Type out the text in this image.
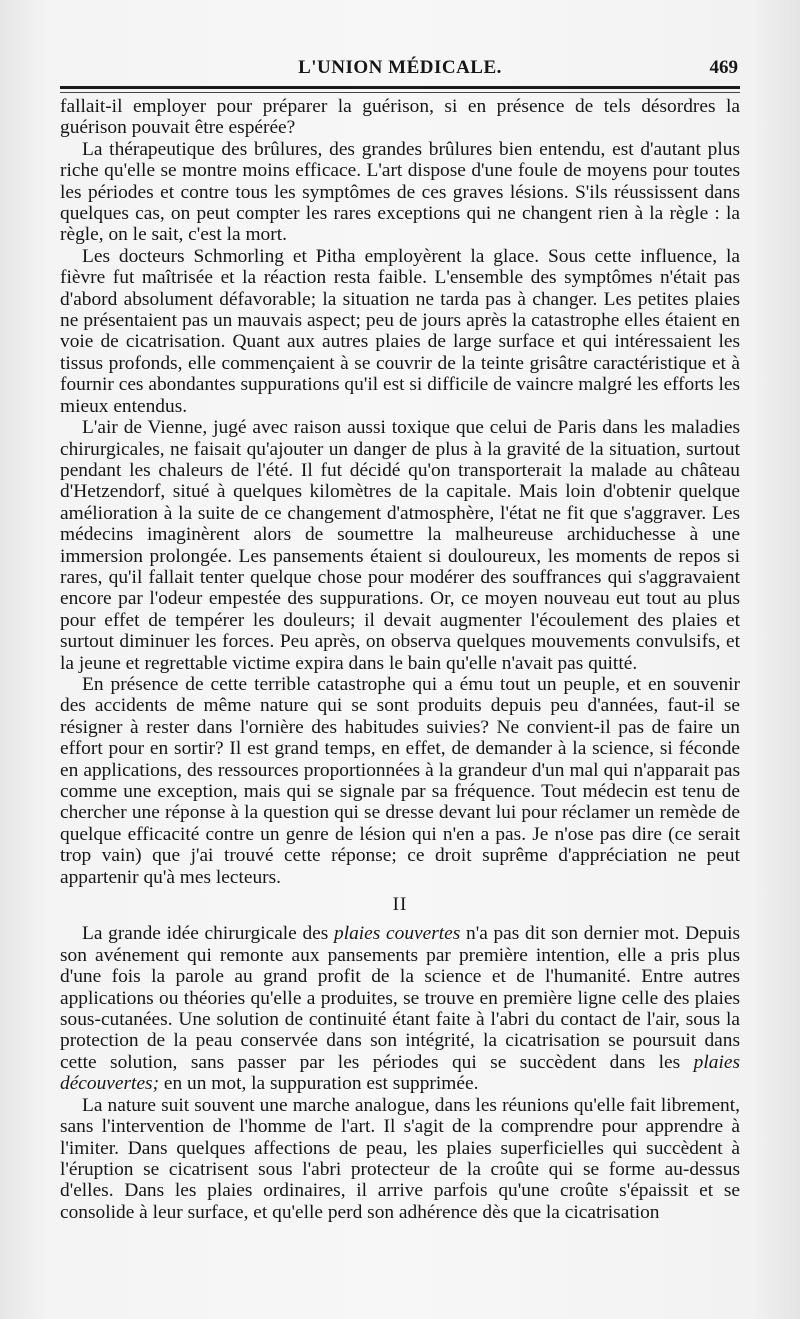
L'UNION MÉDICALE.	469

fallait-il employer pour préparer la guérison, si en présence de tels désordres la guérison pouvait être espérée?

La thérapeutique des brûlures, des grandes brûlures bien entendu, est d'autant plus riche qu'elle se montre moins efficace. L'art dispose d'une foule de moyens pour toutes les périodes et contre tous les symptômes de ces graves lésions. S'ils réussissent dans quelques cas, on peut compter les rares exceptions qui ne changent rien à la règle : la règle, on le sait, c'est la mort.

Les docteurs Schmorling et Pitha employèrent la glace. Sous cette influence, la fièvre fut maîtrisée et la réaction resta faible. L'ensemble des symptômes n'était pas d'abord absolument défavorable; la situation ne tarda pas à changer. Les petites plaies ne présentaient pas un mauvais aspect; peu de jours après la catastrophe elles étaient en voie de cicatrisation. Quant aux autres plaies de large surface et qui intéressaient les tissus profonds, elle commençaient à se couvrir de la teinte grisâtre caractéristique et à fournir ces abondantes suppurations qu'il est si difficile de vaincre malgré les efforts les mieux entendus.

L'air de Vienne, jugé avec raison aussi toxique que celui de Paris dans les maladies chirurgicales, ne faisait qu'ajouter un danger de plus à la gravité de la situation, surtout pendant les chaleurs de l'été. Il fut décidé qu'on transporterait la malade au château d'Hetzendorf, situé à quelques kilomètres de la capitale. Mais loin d'obtenir quelque amélioration à la suite de ce changement d'atmosphère, l'état ne fit que s'aggraver. Les médecins imaginèrent alors de soumettre la malheureuse archiduchesse à une immersion prolongée. Les pansements étaient si douloureux, les moments de repos si rares, qu'il fallait tenter quelque chose pour modérer des souffrances qui s'aggravaient encore par l'odeur empestée des suppurations. Or, ce moyen nouveau eut tout au plus pour effet de tempérer les douleurs; il devait augmenter l'écoulement des plaies et surtout diminuer les forces. Peu après, on observa quelques mouvements convulsifs, et la jeune et regrettable victime expira dans le bain qu'elle n'avait pas quitté.

En présence de cette terrible catastrophe qui a ému tout un peuple, et en souvenir des accidents de même nature qui se sont produits depuis peu d'années, faut-il se résigner à rester dans l'ornière des habitudes suivies? Ne convient-il pas de faire un effort pour en sortir? Il est grand temps, en effet, de demander à la science, si féconde en applications, des ressources proportionnées à la grandeur d'un mal qui n'apparait pas comme une exception, mais qui se signale par sa fréquence. Tout médecin est tenu de chercher une réponse à la question qui se dresse devant lui pour réclamer un remède de quelque efficacité contre un genre de lésion qui n'en a pas. Je n'ose pas dire (ce serait trop vain) que j'ai trouvé cette réponse; ce droit suprême d'appréciation ne peut appartenir qu'à mes lecteurs.

II

La grande idée chirurgicale des plaies couvertes n'a pas dit son dernier mot. Depuis son avénement qui remonte aux pansements par première intention, elle a pris plus d'une fois la parole au grand profit de la science et de l'humanité. Entre autres applications ou théories qu'elle a produites, se trouve en première ligne celle des plaies sous-cutanées. Une solution de continuité étant faite à l'abri du contact de l'air, sous la protection de la peau conservée dans son intégrité, la cicatrisation se poursuit dans cette solution, sans passer par les périodes qui se succèdent dans les plaies découvertes; en un mot, la suppuration est supprimée.

La nature suit souvent une marche analogue, dans les réunions qu'elle fait librement, sans l'intervention de l'homme de l'art. Il s'agit de la comprendre pour apprendre à l'imiter. Dans quelques affections de peau, les plaies superficielles qui succèdent à l'éruption se cicatrisent sous l'abri protecteur de la croûte qui se forme au-dessus d'elles. Dans les plaies ordinaires, il arrive parfois qu'une croûte s'épaissit et se consolide à leur surface, et qu'elle perd son adhérence dès que la cicatrisation
